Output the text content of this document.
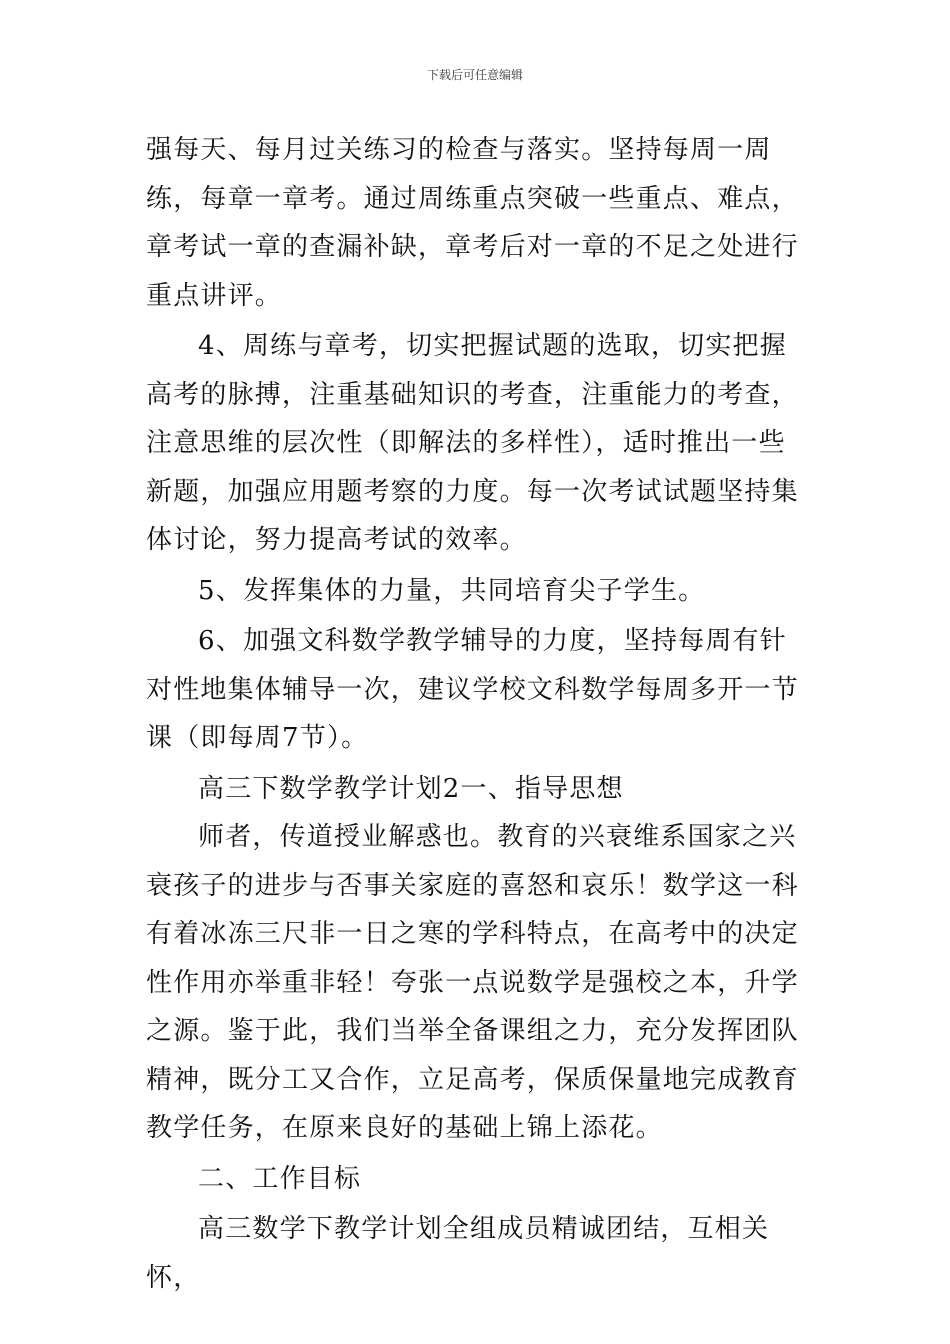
下载后可任意编辑

强每天、每月过关练习的检查与落实。坚持每周一周练，每章一章考。通过周练重点突破一些重点、难点，章考试一章的查漏补缺，章考后对一章的不足之处进行重点讲评。

4、周练与章考，切实把握试题的选取，切实把握高考的脉搏，注重基础知识的考查，注重能力的考查，注意思维的层次性（即解法的多样性），适时推出一些新题，加强应用题考察的力度。每一次考试试题坚持集体讨论，努力提高考试的效率。

5、发挥集体的力量，共同培育尖子学生。

6、加强文科数学教学辅导的力度，坚持每周有针对性地集体辅导一次，建议学校文科数学每周多开一节课（即每周7节）。

高三下数学教学计划2一、指导思想

师者，传道授业解惑也。教育的兴衰维系国家之兴衰孩子的进步与否事关家庭的喜怒和哀乐！数学这一科有着冰冻三尺非一日之寒的学科特点，在高考中的决定性作用亦举重非轻！夸张一点说数学是强校之本，升学之源。鉴于此，我们当举全备课组之力，充分发挥团队精神，既分工又合作，立足高考，保质保量地完成教育教学任务，在原来良好的基础上锦上添花。

二、工作目标

高三数学下教学计划全组成员精诚团结，互相关怀，
